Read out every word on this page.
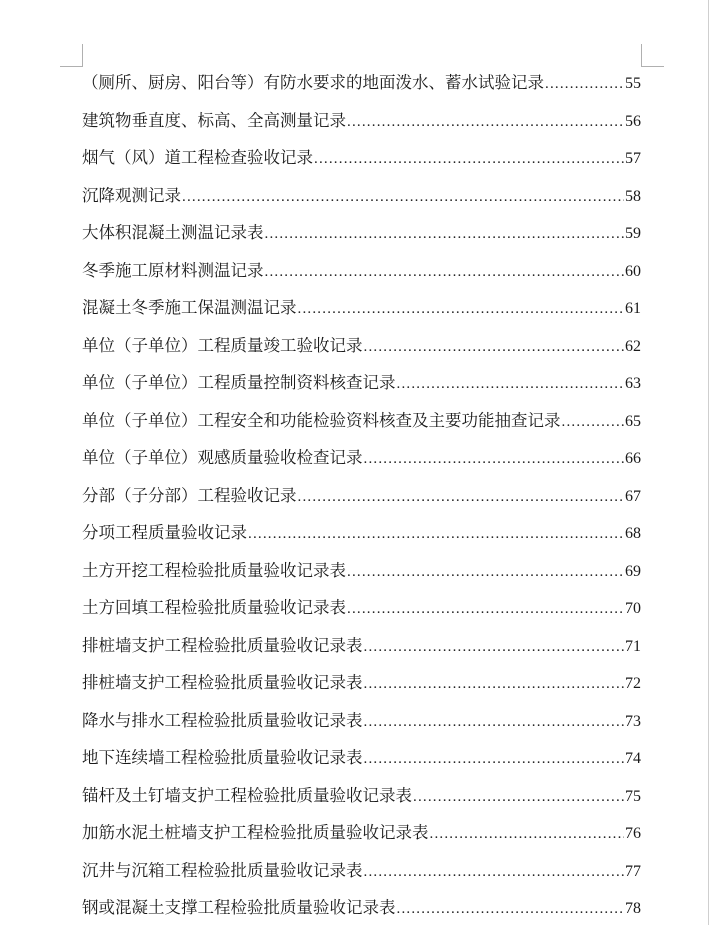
（厕所、厨房、阳台等）有防水要求的地面泼水、蓄水试验记录 .....	55
建筑物垂直度、标高、全高测量记录 .....	56
烟气（风）道工程检查验收记录 .....	57
沉降观测记录 .....	58
大体积混凝土测温记录表 .....	59
冬季施工原材料测温记录 .....	60
混凝土冬季施工保温测温记录 .....	61
单位（子单位）工程质量竣工验收记录 .....	62
单位（子单位）工程质量控制资料核查记录 .....	63
单位（子单位）工程安全和功能检验资料核查及主要功能抽查记录 .....	65
单位（子单位）观感质量验收检查记录 .....	66
分部（子分部）工程验收记录 .....	67
分项工程质量验收记录 .....	68
土方开挖工程检验批质量验收记录表 .....	69
土方回填工程检验批质量验收记录表 .....	70
排桩墙支护工程检验批质量验收记录表 .....	71
排桩墙支护工程检验批质量验收记录表 .....	72
降水与排水工程检验批质量验收记录表 .....	73
地下连续墙工程检验批质量验收记录表 .....	74
锚杆及土钉墙支护工程检验批质量验收记录表 .....	75
加筋水泥土桩墙支护工程检验批质量验收记录表 .....	76
沉井与沉箱工程检验批质量验收记录表 .....	77
钢或混凝土支撑工程检验批质量验收记录表 .....	78
